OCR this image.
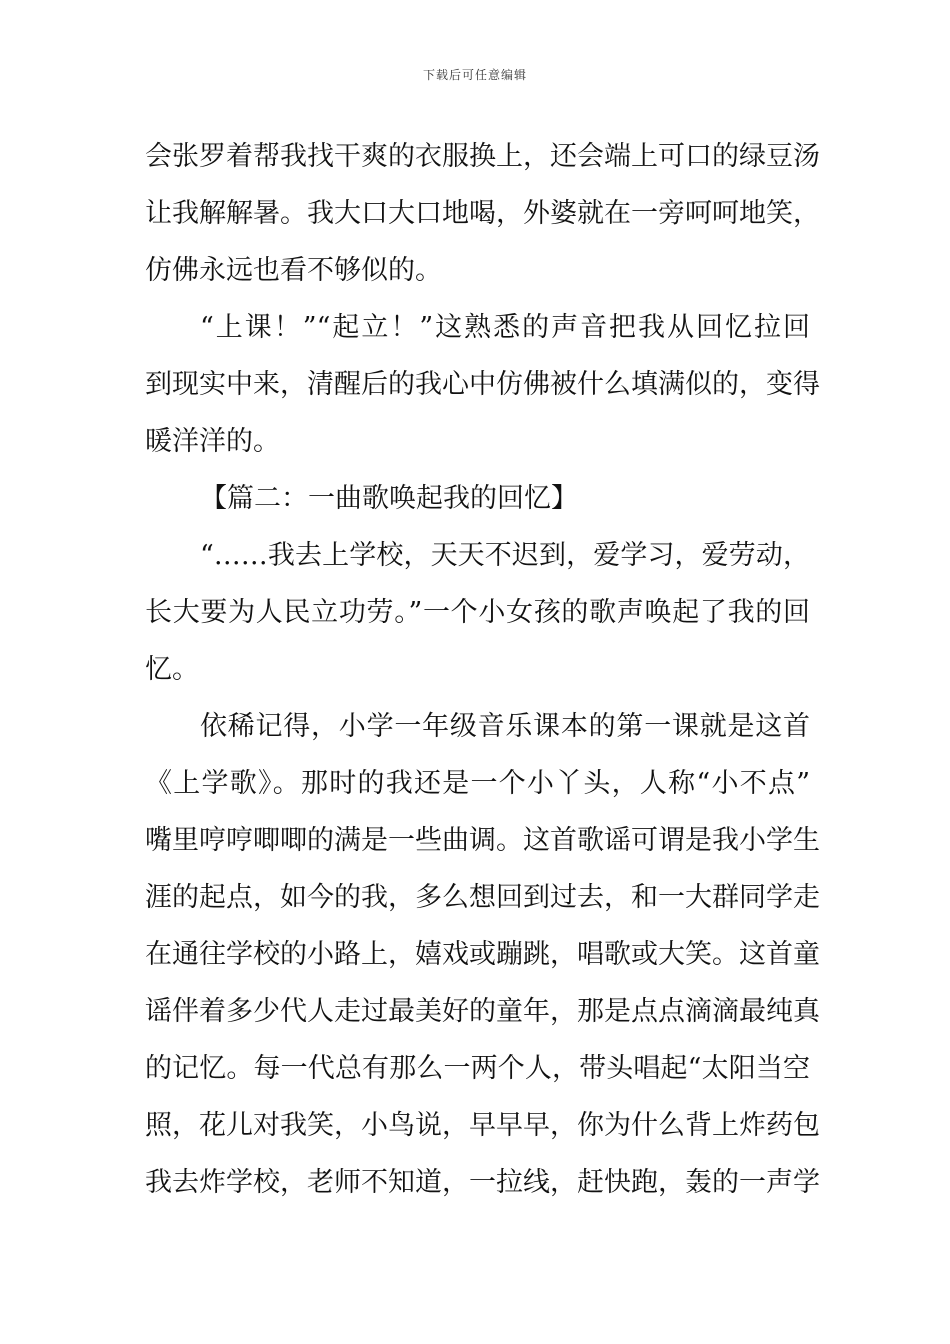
下载后可任意编辑
会张罗着帮我找干爽的衣服换上，还会端上可口的绿豆汤
让我解解暑。我大口大口地喝，外婆就在一旁呵呵地笑，
仿佛永远也看不够似的。
“上课！”“起立！”这熟悉的声音把我从回忆拉回
到现实中来，清醒后的我心中仿佛被什么填满似的，变得
暖洋洋的。
【篇二：一曲歌唤起我的回忆】
“……我去上学校，天天不迟到，爱学习，爱劳动，
长大要为人民立功劳。”一个小女孩的歌声唤起了我的回
忆。
依稀记得，小学一年级音乐课本的第一课就是这首
《上学歌》。那时的我还是一个小丫头，人称“小不点”
嘴里哼哼唧唧的满是一些曲调。这首歌谣可谓是我小学生
涯的起点，如今的我，多么想回到过去，和一大群同学走
在通往学校的小路上，嬉戏或蹦跳，唱歌或大笑。这首童
谣伴着多少代人走过最美好的童年，那是点点滴滴最纯真
的记忆。每一代总有那么一两个人，带头唱起“太阳当空
照，花儿对我笑，小鸟说，早早早，你为什么背上炸药包
我去炸学校，老师不知道，一拉线，赶快跑，轰的一声学
